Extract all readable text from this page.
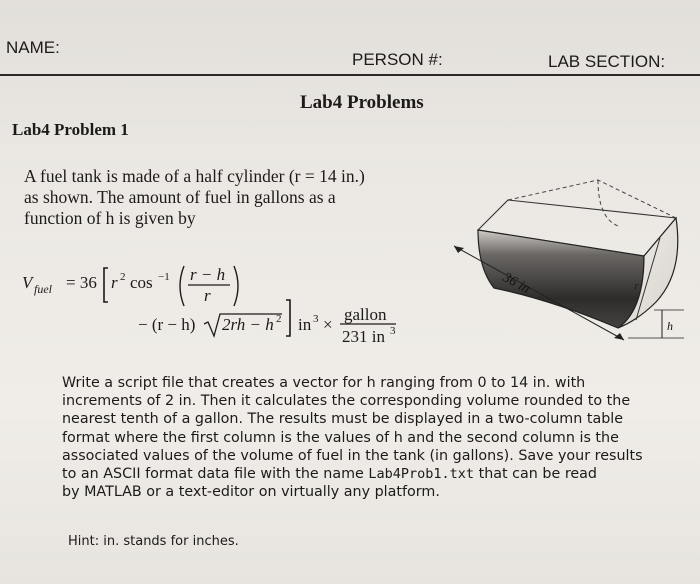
NAME:
PERSON #:	LAB SECTION:
Lab4 Problems
Lab4 Problem 1
A fuel tank is made of a half cylinder (r = 14 in.)
as shown. The amount of fuel in gallons as a
function of h is given by
V fuel = 36 r 2 cos −1 r − h
r
− (r − h) 2rh − h 2 in 3 ×
gallon
231 in 3
r
36 in
h
Write a script file that creates a vector for h ranging from 0 to 14 in. with
increments of 2 in. Then it calculates the corresponding volume rounded to the
nearest tenth of a gallon. The results must be displayed in a two-column table
format where the first column is the values of h and the second column is the
associated values of the volume of fuel in the tank (in gallons). Save your results
to an ASCII format data file with the name Lab4Prob1.txt that can be read
by MATLAB or a text-editor on virtually any platform.
Hint: in. stands for inches.
